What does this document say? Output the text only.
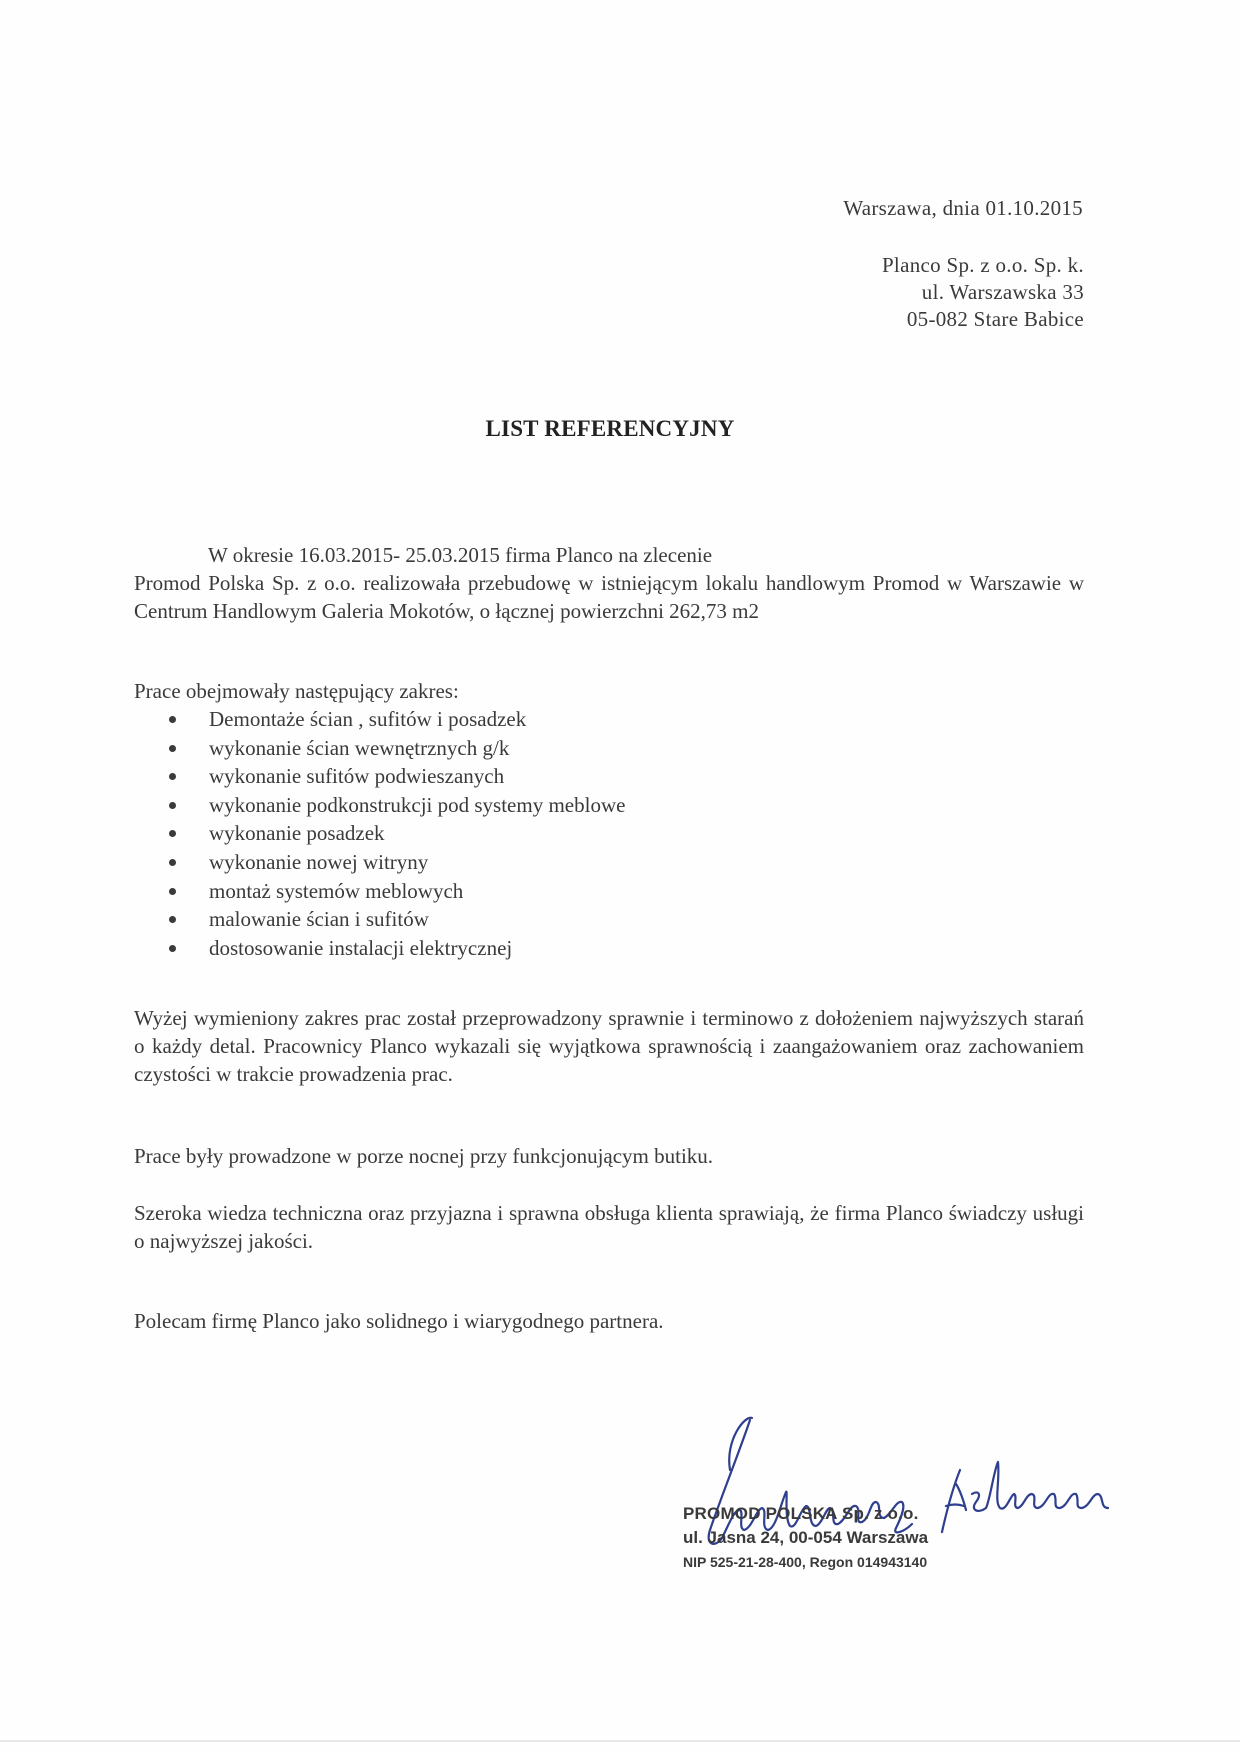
Warszawa, dnia 01.10.2015
Planco Sp. z o.o. Sp. k.
ul. Warszawska 33
05-082 Stare Babice
LIST REFERENCYJNY
W okresie 16.03.2015- 25.03.2015 firma Planco na zlecenie
Promod Polska Sp. z o.o. realizowała przebudowę w istniejącym lokalu handlowym Promod w Warszawie w Centrum Handlowym Galeria Mokotów, o łącznej powierzchni 262,73 m2
Prace obejmowały następujący zakres:
Demontaże ścian , sufitów i posadzek
wykonanie ścian wewnętrznych g/k
wykonanie sufitów podwieszanych
wykonanie podkonstrukcji pod systemy meblowe
wykonanie posadzek
wykonanie nowej witryny
montaż systemów meblowych
malowanie ścian i sufitów
dostosowanie instalacji elektrycznej
Wyżej wymieniony zakres prac został przeprowadzony sprawnie i terminowo z dołożeniem najwyższych starań o każdy detal. Pracownicy Planco wykazali się wyjątkowa sprawnością i zaangażowaniem oraz zachowaniem czystości w trakcie prowadzenia prac.
Prace były prowadzone w porze nocnej przy funkcjonującym butiku.
Szeroka wiedza techniczna oraz przyjazna i sprawna obsługa klienta sprawiają, że firma Planco świadczy usługi o najwyższej jakości.
Polecam firmę Planco jako solidnego i wiarygodnego partnera.
PROMOD POLSKA Sp. z o.o.
ul. Jasna 24, 00-054 Warszawa
NIP 525-21-28-400, Regon 014943140
